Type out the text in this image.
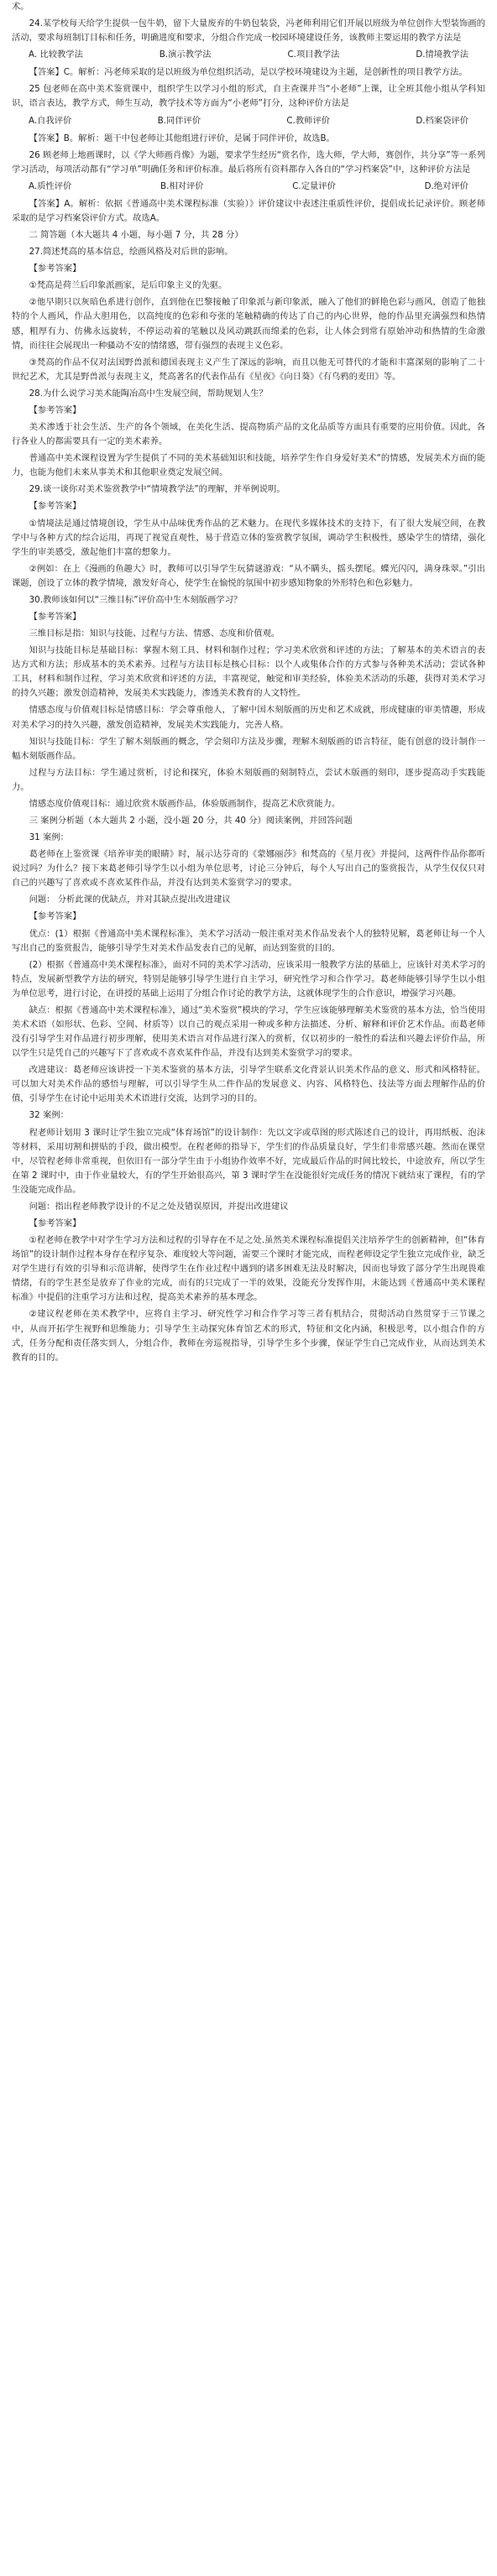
术。

24.某学校每天给学生提供一包牛奶，留下大量废弃的牛奶包装袋，冯老师利用它们开展以班级为单位创作大型装饰画的活动，要求每班制订目标和任务，明确进度和要求，分组合作完成一校园环境建设任务，该教师主要运用的教学方法是

A. 比较教学法	B.演示教学法	C.项目教学法	D.情境教学法

【答案】C。解析：冯老师采取的是以班级为单位组织活动，是以学校环境建设为主题，是创新性的项目教学方法。

25 包老师在高中美术鉴赏课中，组织学生以学习小组的形式，自主查课并当“小老师”上课，让全班其他小组从学科知识，语言表达，教学方式，师生互动，教学技术等方面为“小老师”打分，这种评价方法是

A.自我评价	B.同伴评价	C.教师评价	D.档案袋评价

【答案】B。解析：题干中包老师让其他组进行评价，是属于同伴评价，故选B。

26 顾老师上地画课时，以《学大师画肖像》为题，要求学生经历“赏名作，选大师，学大师，赛创作，共分享”等一系列学习活动，每项活动都有“学习单”明确任务和评价标准。最后将所有资料都存入各自的“学习档案袋”中，这种评价方法是

A.质性评价	B.相对评价	C.定量评价	D.绝对评价

【答案】A。解析：依据《普通高中美术课程标准（实验）》评价建议中表述注重质性评价，提倡成长记录评价。顾老师采取的是学习档案袋评价方式。故选A。

二 简答题（本大题共 4 小题，每小题 7 分，共 28 分）

27.简述梵高的基本信息，绘画风格及对后世的影响。

【参考答案】

①梵高是荷兰后印象派画家，是后印象主义的先驱。

②他早期只以灰暗色系进行创作，直到他在巴黎接触了印象派与新印象派，融入了他们的鲜艳色彩与画风，创造了他独特的个人画风，作品大胆用色，以高纯度的色彩和夸张的笔触精确的传达了自己的内心世界，他的作品里充满强烈和热情感，粗厚有力、仿佛永远旋转，不停运动着的笔触以及风动跳跃而绵柔的色彩，让人体会到常有原始冲动和热情的生命激情，而往往会展现出一种骚动不安的情绪感，带有强烈的表现主义色彩。

③梵高的作品不仅对法国野兽派和德国表现主义产生了深远的影响，而且以他无可替代的才能和丰富深刻的影响了二十世纪艺术，尤其是野兽派与表现主义，梵高著名的代表作品有《星夜》《向日葵》《有乌鸦的麦田》等。

28.为什么说学习美术能陶冶高中生发展空间，帮助规划人生？

【参考答案】

美术渗透于社会生活、生产的各个领域，在美化生活、提高物质产品的文化品质等方面具有重要的应用价值。因此，各行各业人的都需要具有一定的美术素养。

普通高中美术课程设置为学生提供了不同的美术基础知识和技能，培养学生作自身爱好美术“的情感，发展美术方面的能力，也能为他们未来从事美术和其他职业奠定发展空间。

29.谈一谈你对美术鉴赏教学中“情境教学法”的理解，并举例说明。

【参考答案】

①情境法是通过情境创设，学生从中品味优秀作品的艺术魅力。在现代多媒体技术的支持下，有了很大发展空间，在教学中与各种方式的综合运用，再现了视觉直观性，易于营造立体的鉴赏教学氛围，调动学生积极性，感染学生的情绪，强化学生的审美感受，激起他们丰富的想象力。

②例如：在上《漫画的鱼趣大》时，教师可以引导学生玩猜谜游戏：“从不瞒头，摇头摆尾。蝶光闪闪，满身珠翠。”引出课题，创设了立体的教学情境，激发好奇心，使学生在愉悦的氛围中初步感知物象的外形特色和色彩魅力。

30.教师该如何以“三维目标”评价高中生木刻版画学习？

【参考答案】

三维目标是指：知识与技能、过程与方法、情感、态度和价值观。

知识与技能目标是基础目标：掌握木刻工具、材料和制作过程；学习美术欣赏和评述的方法；了解基本的美术语言的表达方式和方法；形成基本的美术素养。过程与方法目标是核心目标：以个人或集体合作的方式参与各种美术活动；尝试各种工具，材料和制作过程，学习美术欣赏和评述的方法，丰富视觉，触觉和审美经验，体验美术活动的乐趣，获得对美术学习的持久兴趣；激发创造精神，发展美术实践能力，渗透美术教育的人文特性。

情感态度与价值观目标是情感目标：学会尊重他人，了解中国木刻版画的历史和艺术成就，形成健康的审美情趣，形成对美术学习的持久兴趣，激发创造精神，发展美术实践能力，完善人格。

知识与技能目标：学生了解木刻版画的概念，学会刻印方法及步骤，理解木刻版画的语言特征，能有创意的设计制作一幅木刻版画作品。

过程与方法目标：学生通过赏析，讨论和探究，体验木刻版画的刻制特点，尝试木版画的刻印，逐步提高动手实践能力。

情感态度价值观目标：通过欣赏木版画作品，体验版画制作，提高艺术欣赏能力。

三 案例分析题（本大题共 2 小题，没小题 20 分，共 40 分）阅读案例，并回答问题

31 案例：

葛老师在上鉴赏课《培养审美的眼睛》时，展示达芬奇的《蒙娜丽莎》和梵高的《星月夜》并提问，这两件作品你都听说过吗？为什么？接下来葛老师引导学生以小组为单位思考，讨论三分钟后，每个人写出自己的鉴赏报告，从学生仅仅只对自己的兴趣写了喜欢或不喜欢某件作品，并没有达到美术鉴赏学习的要求。

问题： 分析此课的优缺点，并对其缺点提出改进建议

【参考答案】

优点：(1）根据《普通高中美术课程标准》，美术学习活动一般注重对美术作品发表个人的独特见解，葛老师让每一个人写出自己的鉴赏报告，能够引导学生对美术作品发表自己的见解，而达到鉴赏的目的。

(2）根据《普通高中美术课程标准》，面对不同的美术学习活动，应该采用一般教学方法的基础上，应该针对美术学习的特点，发展新型教学方法的研究，特别是能够引导学生进行自主学习，研究性学习和合作学习。葛老师能够引导学生以小组为单位思考，进行讨论，在讲授的基础上运用了分组合作讨论的教学方法，这就体现学生的合作意识，增强学习兴趣。

缺点：根据《普通高中美术课程标准》，通过“美术鉴赏”模块的学习，学生应该能够理解美术鉴赏的基本方法，恰当使用美术术语（如形状、色彩、空间、材质等）以自己的观点采用一种或多种方法描述、分析、解释和评价艺术作品。而葛老师没有引导学生对作品进行初步理解，使用美术语言对作品进行深入的赏析，仅以初步的一般性的看法和兴趣去评价作品，所以学生只是凭自己的兴趣写下了喜欢或不喜欢某件作品，并没有达到美术鉴赏学习的要求。

改进建议：葛老师应该讲授一下美术鉴赏的基本方法，引导学生联系文化背景认识美术作品的意义、形式和风格特征。可以加大对美术作品的感悟与理解，可以引导学生从二件作品的发展意义、内容、风格特色、技法等方面去理解作品的价值，引导学生在讨论中运用美术术语进行交流，达到学习的目的。

32 案例：

程老师计划用 3 课时让学生独立完成“体育场馆”的设计制作：先以文字或草图的形式陈述自己的设计，再用纸板、泡沫等材料，采用切割和拼贴的手段，做出模型。在程老师的指导下，学生们的作品质量良好，学生们非常感兴趣。然而在课堂中，尽管程老师非常重视，但依旧有一部分学生由于小组协作效率不好，完成最后作品的时间比较长，中途放弃，所以学生在第 2 课时中，由于作业量较大，有的学生开始很高兴，第 3 课时学生在没能很好完成任务的情况下就结束了课程，有的学生没能完成作品。

问题：指出程老师教学设计的不足之处及错误原因，并提出改进建议

【参考答案】

①程老师在教学中对学生学习方法和过程的引导存在不足之处.虽然美术课程标准提倡关注培养学生的创新精神，但“体育场馆”的设计制作过程本身存在程序复杂、难度较大等问题，需要三个课时才能完成，而程老师设定学生独立完成作业，缺乏对学生进行有效的引导和示范讲解，使得学生在作业过程中遇到的诸多困难无法及时解决，因而也导致了部分学生出现畏难情绪，有的学生甚至是放弃了作业的完成，而有的只完成了一半的效果，没能充分发挥作用，未能达到《普通高中美术课程标准》中提倡的注重学习方法和过程，提高美术素养的基本理念。

②建议程老师在美术教学中，应将自主学习、研究性学习和合作学习等三者有机结合，贯彻活动自然贯穿于三节课之中，从而开拓学生视野和思维能力；引导学生主动探究体育馆艺术的形式，特征和文化内涵，积极思考，以小组合作的方式，任务分配和责任落实到人，分组合作，教师在旁巡视指导，引导学生多个步骤，保证学生自己完成作业，从而达到美术教育的目的。
